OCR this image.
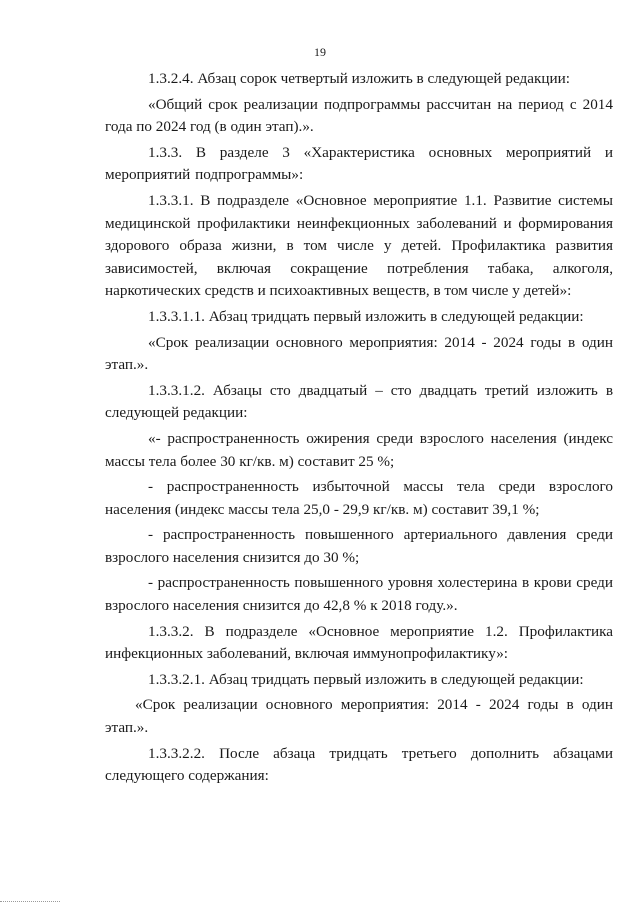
19

1.3.2.4. Абзац сорок четвертый изложить в следующей редакции:

«Общий срок реализации подпрограммы рассчитан на период с 2014 года по 2024 год (в один этап).».

1.3.3. В разделе 3 «Характеристика основных мероприятий и мероприятий подпрограммы»:

1.3.3.1. В подразделе «Основное мероприятие 1.1. Развитие системы медицинской профилактики неинфекционных заболеваний и формирования здорового образа жизни, в том числе у детей. Профилактика развития зависимостей, включая сокращение потребления табака, алкоголя, наркотических средств и психоактивных веществ, в том числе у детей»:

1.3.3.1.1. Абзац тридцать первый изложить в следующей редакции:

«Срок реализации основного мероприятия: 2014 - 2024 годы в один этап.».

1.3.3.1.2. Абзацы сто двадцатый – сто двадцать третий изложить в следующей редакции:

«- распространенность ожирения среди взрослого населения (индекс массы тела более 30 кг/кв. м) составит 25 %;

- распространенность избыточной массы тела среди взрослого населения (индекс массы тела 25,0 - 29,9 кг/кв. м) составит 39,1 %;

- распространенность повышенного артериального давления среди взрослого населения снизится до 30 %;

- распространенность повышенного уровня холестерина в крови среди взрослого населения снизится до 42,8 % к 2018 году.».

1.3.3.2. В подразделе «Основное мероприятие 1.2. Профилактика инфекционных заболеваний, включая иммунопрофилактику»:

1.3.3.2.1. Абзац тридцать первый изложить в следующей редакции:

«Срок реализации основного мероприятия: 2014 - 2024 годы в один этап.».

1.3.3.2.2. После абзаца тридцать третьего дополнить абзацами следующего содержания:
